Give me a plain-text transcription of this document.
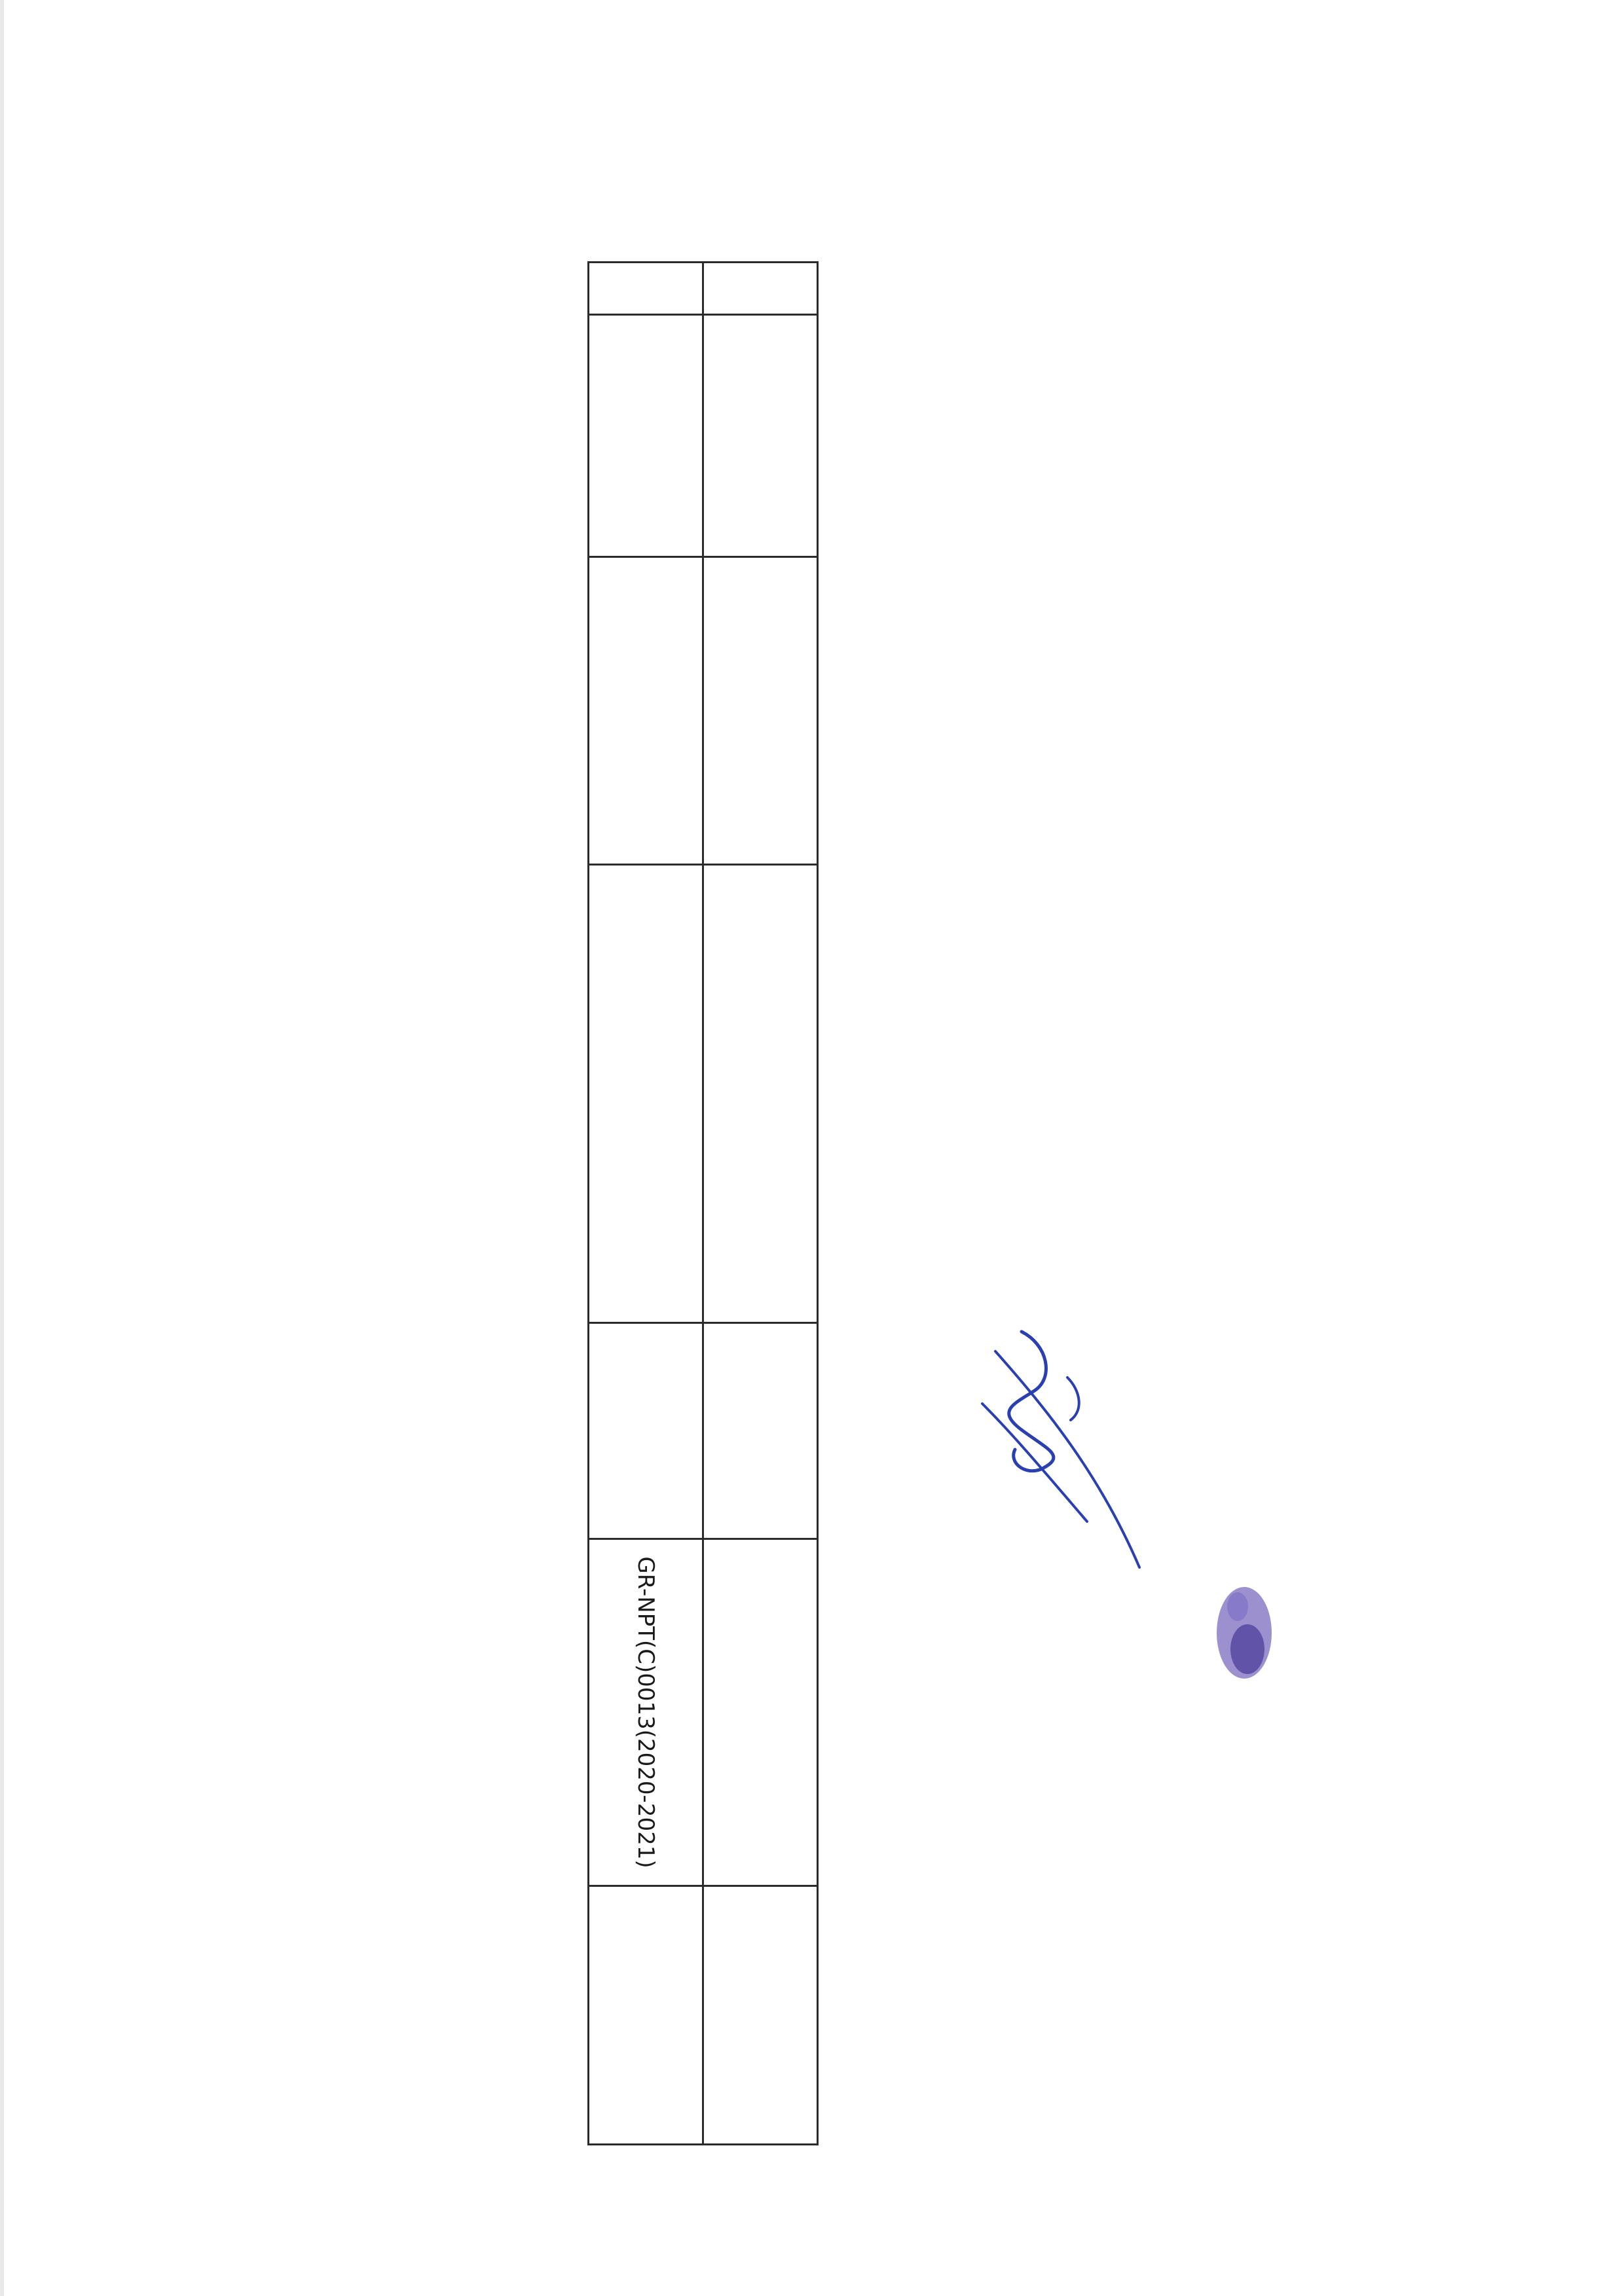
					GR-NPT(C)0013(2020-2021)	
